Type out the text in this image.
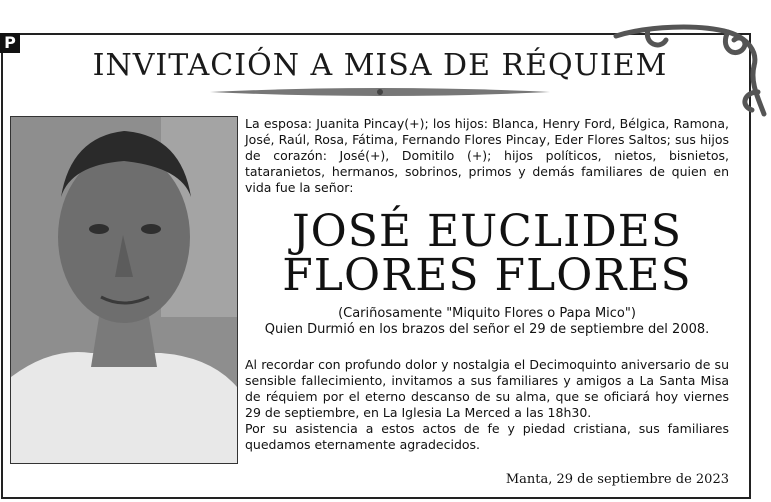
P
INVITACIÓN A MISA DE RÉQUIEM
La esposa: Juanita Pincay(+); los hijos: Blanca, Henry Ford, Bélgica, Ramona, José, Raúl, Rosa, Fátima, Fernando Flores Pincay, Eder Flores Saltos; sus hijos de corazón: José(+), Domitilo (+); hijos políticos, nietos, bisnietos, tataranietos, hermanos, sobrinos, primos y demás familiares de quien en vida fue la señor:
JOSÉ EUCLIDES
FLORES FLORES
(Cariñosamente "Miquito Flores o Papa Mico")
Quien Durmió en los brazos del señor el 29 de septiembre del 2008.

Al recordar con profundo dolor y nostalgia el Decimoquinto aniversario de su sensible fallecimiento, invitamos a sus familiares y amigos a La Santa Misa de réquiem por el eterno descanso de su alma, que se oficiará hoy viernes 29 de septiembre, en La Iglesia La Merced a las 18h30.

Por su asistencia a estos actos de fe y piedad cristiana, sus familiares quedamos eternamente agradecidos.

Manta, 29 de septiembre de 2023
